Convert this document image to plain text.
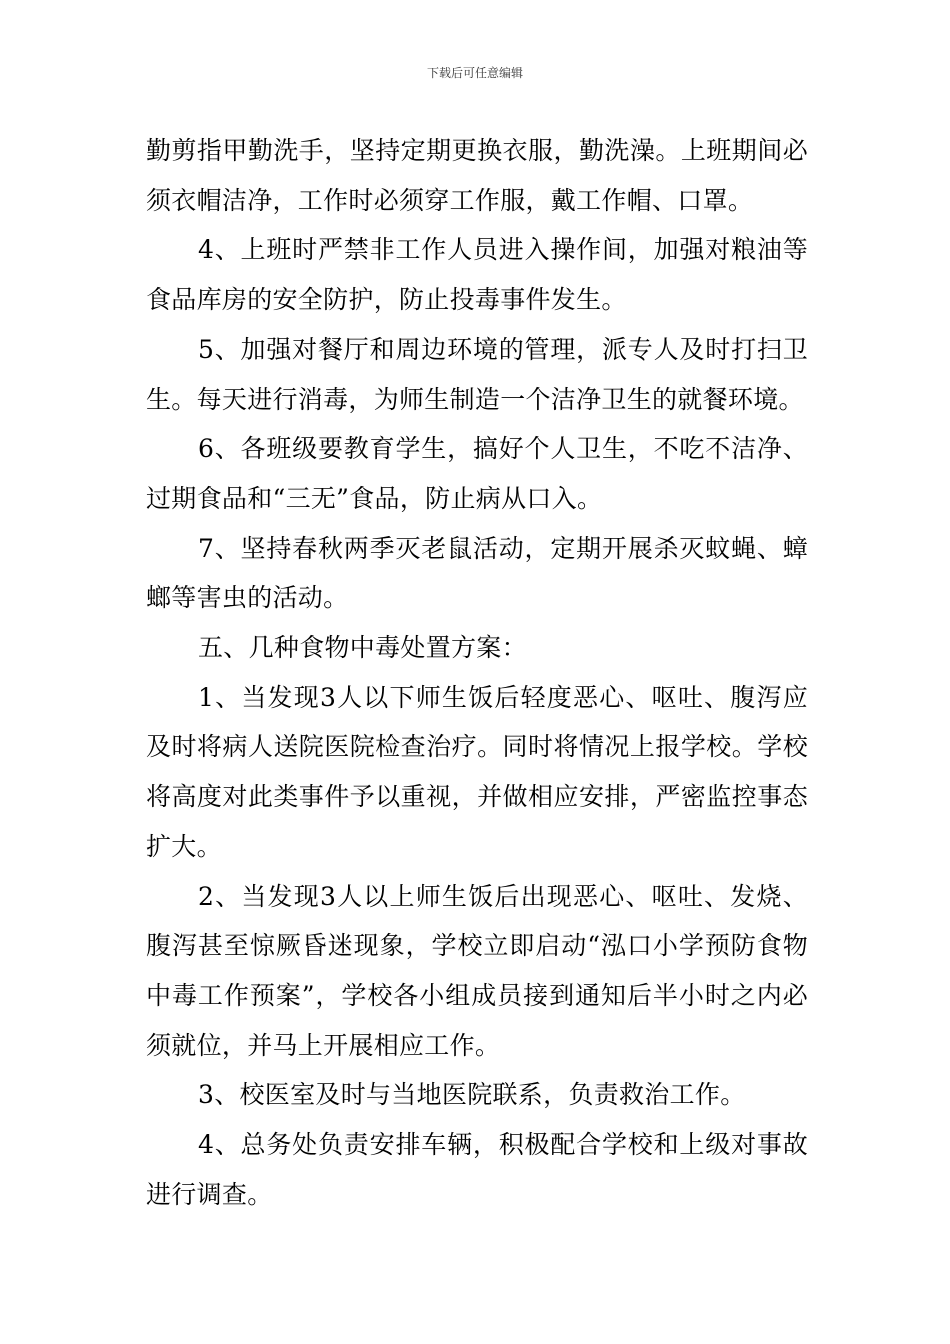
下载后可任意编辑

勤剪指甲勤洗手，坚持定期更换衣服，勤洗澡。上班期间必须衣帽洁净，工作时必须穿工作服，戴工作帽、口罩。

4、上班时严禁非工作人员进入操作间，加强对粮油等食品库房的安全防护，防止投毒事件发生。

5、加强对餐厅和周边环境的管理，派专人及时打扫卫生。每天进行消毒，为师生制造一个洁净卫生的就餐环境。

6、各班级要教育学生，搞好个人卫生，不吃不洁净、过期食品和“三无”食品，防止病从口入。

7、坚持春秋两季灭老鼠活动，定期开展杀灭蚊蝇、蟑螂等害虫的活动。

五、几种食物中毒处置方案：

1、当发现3人以下师生饭后轻度恶心、呕吐、腹泻应及时将病人送院医院检查治疗。同时将情况上报学校。学校将高度对此类事件予以重视，并做相应安排，严密监控事态扩大。

2、当发现3人以上师生饭后出现恶心、呕吐、发烧、腹泻甚至惊厥昏迷现象，学校立即启动“泓口小学预防食物中毒工作预案”，学校各小组成员接到通知后半小时之内必须就位，并马上开展相应工作。

3、校医室及时与当地医院联系，负责救治工作。

4、总务处负责安排车辆，积极配合学校和上级对事故进行调查。
